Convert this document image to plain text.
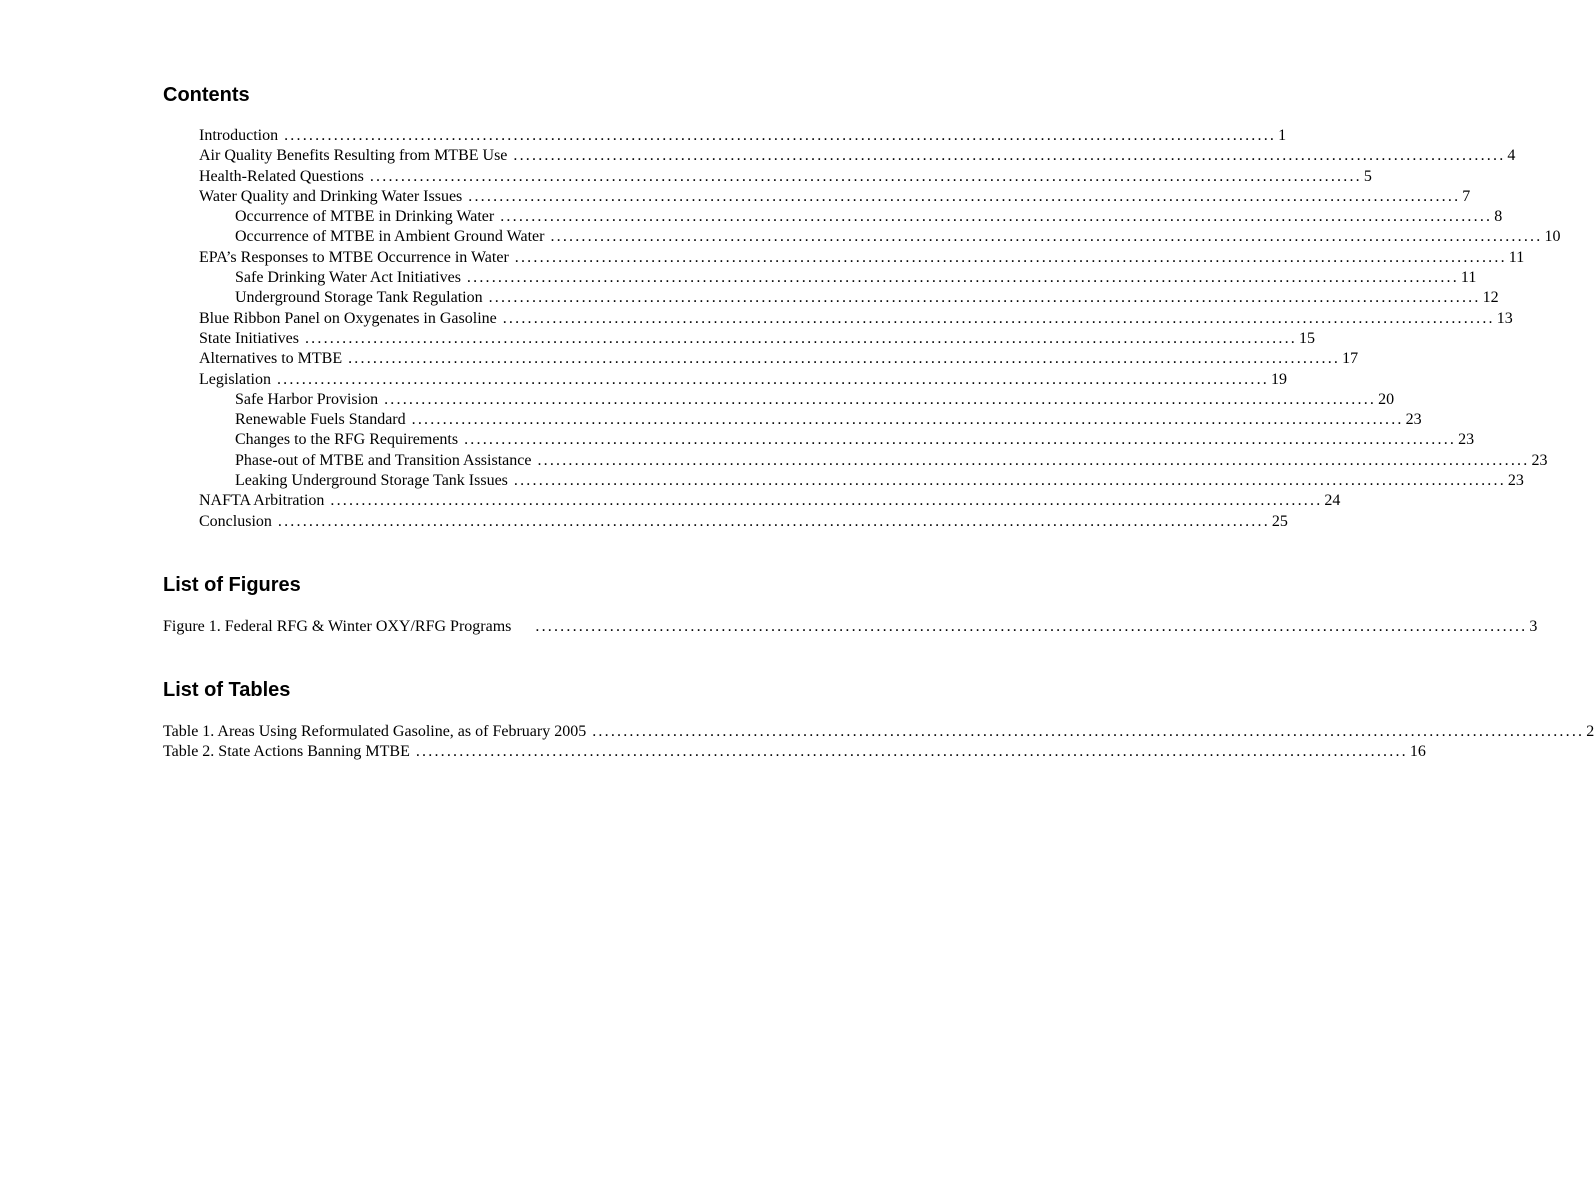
Contents
Introduction ................................................................................................................................................................ 1
Air Quality Benefits Resulting from MTBE Use ................................................................................................................................................................ 4
Health-Related Questions ................................................................................................................................................................ 5
Water Quality and Drinking Water Issues ................................................................................................................................................................ 7
Occurrence of MTBE in Drinking Water ................................................................................................................................................................ 8
Occurrence of MTBE in Ambient Ground Water ................................................................................................................................................................ 10
EPA’s Responses to MTBE Occurrence in Water ................................................................................................................................................................ 11
Safe Drinking Water Act Initiatives ................................................................................................................................................................ 11
Underground Storage Tank Regulation ................................................................................................................................................................ 12
Blue Ribbon Panel on Oxygenates in Gasoline ................................................................................................................................................................ 13
State Initiatives ................................................................................................................................................................ 15
Alternatives to MTBE ................................................................................................................................................................ 17
Legislation ................................................................................................................................................................ 19
Safe Harbor Provision ................................................................................................................................................................ 20
Renewable Fuels Standard ................................................................................................................................................................ 23
Changes to the RFG Requirements ................................................................................................................................................................ 23
Phase-out of MTBE and Transition Assistance ................................................................................................................................................................ 23
Leaking Underground Storage Tank Issues ................................................................................................................................................................ 23
NAFTA Arbitration ................................................................................................................................................................ 24
Conclusion ................................................................................................................................................................ 25
List of Figures
Figure 1. Federal RFG & Winter OXY/RFG Programs	................................................................................................................................................................ 3
List of Tables
Table 1. Areas Using Reformulated Gasoline, as of February 2005 ................................................................................................................................................................ 2
Table 2. State Actions Banning MTBE ................................................................................................................................................................ 16
